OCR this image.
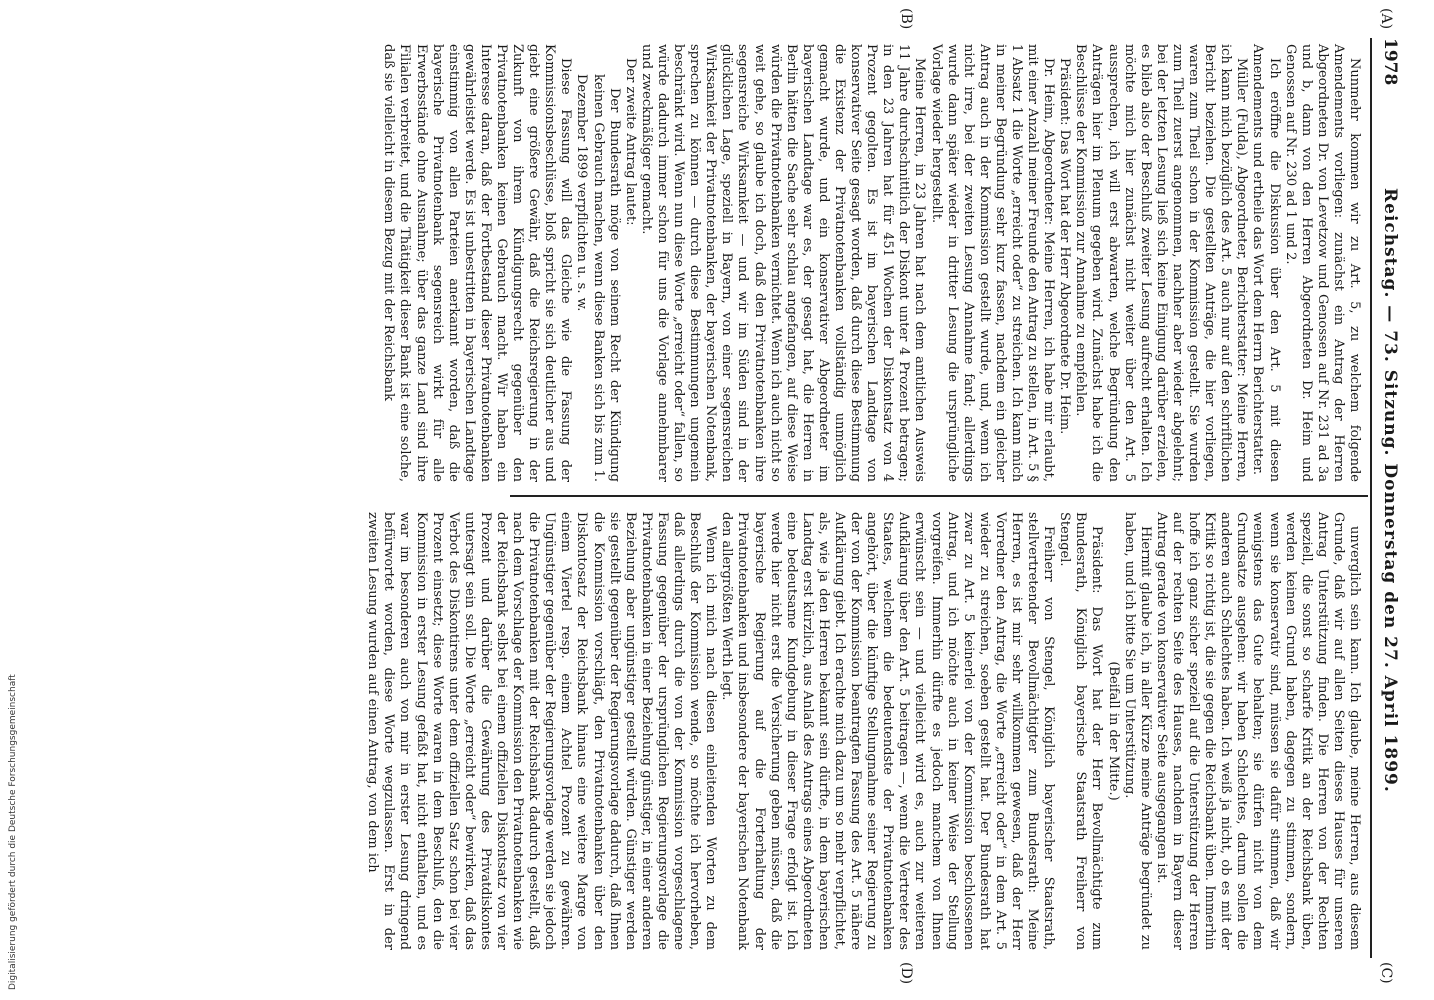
1978
Reichstag. — 73. Sitzung. Donnerstag den 27. April 1899.
(A)
(B)
(C)
(D)

Nunmehr kommen wir zu Art. 5, zu welchem folgende Amendements vorliegen: zunächst ein Antrag der Herren Abgeordneten Dr. von Levetzow und Genossen auf Nr. 231 ad 3a und b, dann von den Herren Abgeordneten Dr. Heim und Genossen auf Nr. 230 ad 1 und 2.

Ich eröffne die Diskussion über den Art. 5 mit diesen Amendements und ertheile das Wort dem Herrn Berichterstatter.

Müller (Fulda), Abgeordneter, Berichterstatter: Meine Herren, ich kann mich bezüglich des Art. 5 auch nur auf den schriftlichen Bericht beziehen. Die gestellten Anträge, die hier vorliegen, waren zum Theil schon in der Kommission gestellt. Sie wurden zum Theil zuerst angenommen, nachher aber wieder abgelehnt; bei der letzten Lesung ließ sich keine Einigung darüber erzielen, es blieb also der Beschluß zweiter Lesung aufrecht erhalten. Ich möchte mich hier zunächst nicht weiter über den Art. 5 aussprechen, ich will erst abwarten, welche Begründung den Anträgen hier im Plenum gegeben wird. Zunächst habe ich die Beschlüsse der Kommission zur Annahme zu empfehlen.

Präsident: Das Wort hat der Herr Abgeordnete Dr. Heim.

Dr. Heim, Abgeordneter: Meine Herren, ich habe mir erlaubt, mit einer Anzahl meiner Freunde den Antrag zu stellen, in Art. 5 § 1 Absatz 1 die Worte „erreicht oder“ zu streichen. Ich kann mich in meiner Begründung sehr kurz fassen, nachdem ein gleicher Antrag auch in der Kommission gestellt wurde, und, wenn ich nicht irre, bei der zweiten Lesung Annahme fand; allerdings wurde dann später wieder in dritter Lesung die ursprüngliche Vorlage wieder hergestellt.

Meine Herren, in 23 Jahren hat nach dem amtlichen Ausweis 11 Jahre durchschnittlich der Diskont unter 4 Prozent betragen; in den 23 Jahren hat für 451 Wochen der Diskontsatz von 4 Prozent gegolten. Es ist im bayerischen Landtage von konservativer Seite gesagt worden, daß durch diese Bestimmung die Existenz der Privatnotenbanken vollständig unmöglich gemacht wurde, und ein konservativer Abgeordneter im bayerischen Landtage war es, der gesagt hat, die Herren in Berlin hätten die Sache sehr schlau angefangen, auf diese Weise würden die Privatnotenbanken vernichtet. Wenn ich auch nicht so weit gehe, so glaube ich doch, daß den Privatnotenbanken ihre segensreiche Wirksamkeit — und wir im Süden sind in der glücklichen Lage, speziell in Bayern, von einer segensreichen Wirksamkeit der Privatnotenbanken, der bayerischen Notenbank, sprechen zu können — durch diese Bestimmungen ungemein beschränkt wird. Wenn nun diese Worte „erreicht oder“ fallen, so würde dadurch immer schon für uns die Vorlage annehmbarer und zweckmäßiger gemacht.

Der zweite Antrag lautet:

Der Bundesrath möge von seinem Recht der Kündigung keinen Gebrauch machen, wenn diese Banken sich bis zum 1. Dezember 1899 verpflichten u. s. w.

Diese Fassung will das Gleiche wie die Fassung der Kommissionsbeschlüsse, bloß spricht sie sich deutlicher aus und giebt eine größere Gewähr, daß die Reichsregierung in der Zukunft von ihrem Kündigungsrecht gegenüber den Privatnotenbanken keinen Gebrauch macht. Wir haben ein Interesse daran, daß der Fortbestand dieser Privatnotenbanken gewährleistet werde. Es ist unbestritten in bayerischen Landtage einstimmig von allen Parteien anerkannt worden, daß die bayerische Privatnotenbank segensreich wirkt für alle Erwerbsstände ohne Ausnahme; über das ganze Land sind ihre Filialen verbreitet, und die Thätigkeit dieser Bank ist eine solche, daß sie vielleicht in diesem Bezug mit der Reichsbank

unverglich sein kann. Ich glaube, meine Herren, aus diesem Grunde, daß wir auf allen Seiten dieses Hauses für unseren Antrag Unterstützung finden. Die Herren von der Rechten speziell, die sonst so scharfe Kritik an der Reichsbank üben, werden keinen Grund haben, dagegen zu stimmen, sondern, wenn sie konservativ sind, müssen sie dafür stimmen, daß wir wenigstens das Gute behalten; sie dürfen nicht von dem Grundsatze ausgehen: wir haben Schlechtes, darum sollen die anderen auch Schlechtes haben. Ich weiß ja nicht, ob es mit der Kritik so richtig ist, die sie gegen die Reichsbank üben. Immerhin hoffe ich ganz sicher speziell auf die Unterstützung der Herren auf der rechten Seite des Hauses, nachdem in Bayern dieser Antrag gerade von konservativer Seite ausgegangen ist.

Hiermit glaube ich, in aller Kürze meine Anträge begründet zu haben, und ich bitte Sie um Unterstützung.

(Beifall in der Mitte.)

Präsident: Das Wort hat der Herr Bevollmächtigte zum Bundesrath, Königlich bayerische Staatsrath Freiherr von Stengel.

Freiherr von Stengel, Königlich bayerischer Staatsrath, stellvertretender Bevollmächtigter zum Bundesrath: Meine Herren, es ist mir sehr willkommen gewesen, daß der Herr Vorredner den Antrag, die Worte „erreicht oder“ in dem Art. 5 wieder zu streichen, soeben gestellt hat. Der Bundesrath hat zwar zu Art. 5 keinerlei von der Kommission beschlossenen Antrag, und ich möchte auch in keiner Weise der Stellung vorgreifen. Immerhin dürfte es jedoch manchem von Ihnen erwünscht sein — und vielleicht wird es, auch zur weiteren Aufklärung über den Art. 5 beitragen —, wenn die Vertreter des Staates, welchem die bedeutendste der Privatnotenbanken angehört, über die künftige Stellungnahme seiner Regierung zu der von der Kommission beantragten Fassung des Art. 5 nähere Aufklärung giebt. Ich erachte mich dazu um so mehr verpflichtet, als, wie ja den Herren bekannt sein dürfte, in dem bayerischen Landtag erst kürzlich, aus Anlaß des Antrags eines Abgeordneten eine bedeutsame Kundgebung in dieser Frage erfolgt ist. Ich werde hier nicht erst die Versicherung geben müssen, daß die bayerische Regierung auf die Forterhaltung der Privatnotenbanken und insbesondere der bayerischen Notenbank den allergrößten Werth legt.

Wenn ich mich nach diesen einleitenden Worten zu dem Beschluß der Kommission wende, so möchte ich hervorheben, daß allerdings durch die von der Kommission vorgeschlagene Fassung gegenüber der ursprünglichen Regierungsvorlage die Privatnotenbanken in einer Beziehung günstiger, in einer anderen Beziehung aber ungünstiger gestellt würden. Günstiger werden sie gestellt gegenüber der Regierungsvorlage dadurch, daß Ihnen die Kommission vorschlägt, den Privatnotenbanken über den Diskontosatz der Reichsbank hinaus eine weitere Marge von einem Viertel resp. einem Achtel Prozent zu gewähren. Ungünstiger gegenüber der Regierungsvorlage werden sie jedoch die Privatnotenbanken mit der Reichsbank dadurch gestellt, daß nach dem Vorschlage der Kommission den Privatnotenbanken wie der Reichsbank selbst bei einem offiziellen Diskontsatz von vier Prozent und darüber die Gewährung des Privatdiskontes untersagt sein soll. Die Worte „erreicht oder“ bewirken, daß das Verbot des Diskontirens unter dem offiziellen Satz schon bei vier Prozent einsetzt; diese Worte waren in dem Beschluß, den die Kommission in erster Lesung gefaßt hat, nicht enthalten, und es war im besonderen auch von mir in erster Lesung dringend befürwortet worden, diese Worte wegzulassen. Erst in der zweiten Lesung wurden auf einen Antrag, von dem ich

Digitalisierung gefördert durch die Deutsche Forschungsgemeinschaft
